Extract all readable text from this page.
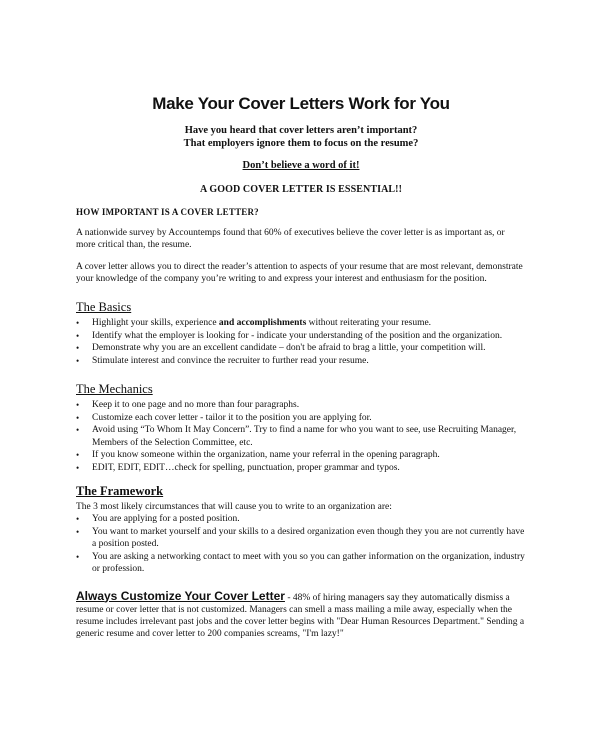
Make Your Cover Letters Work for You

Have you heard that cover letters aren’t important?

That employers ignore them to focus on the resume?

Don’t believe a word of it!

A GOOD COVER LETTER IS ESSENTIAL!!

HOW IMPORTANT IS A COVER LETTER?

A nationwide survey by Accountemps found that 60% of executives believe the cover letter is as important as, or more critical than, the resume.

A cover letter allows you to direct the reader’s attention to aspects of your resume that are most relevant, demonstrate your knowledge of the company you’re writing to and express your interest and enthusiasm for the position.

The Basics
• Highlight your skills, experience and accomplishments without reiterating your resume.
• Identify what the employer is looking for - indicate your understanding of the position and the organization.
• Demonstrate why you are an excellent candidate – don't be afraid to brag a little, your competition will.
• Stimulate interest and convince the recruiter to further read your resume.
The Mechanics
• Keep it to one page and no more than four paragraphs.
• Customize each cover letter - tailor it to the position you are applying for.
• Avoid using “To Whom It May Concern”. Try to find a name for who you want to see, use Recruiting Manager, Members of the Selection Committee, etc.
• If you know someone within the organization, name your referral in the opening paragraph.
• EDIT, EDIT, EDIT…check for spelling, punctuation, proper grammar and typos.
The Framework

The 3 most likely circumstances that will cause you to write to an organization are:

• You are applying for a posted position.
• You want to market yourself and your skills to a desired organization even though they you are not currently have a position posted.
• You are asking a networking contact to meet with you so you can gather information on the organization, industry or profession.

Always Customize Your Cover Letter - 48% of hiring managers say they automatically dismiss a resume or cover letter that is not customized. Managers can smell a mass mailing a mile away, especially when the resume includes irrelevant past jobs and the cover letter begins with "Dear Human Resources Department." Sending a generic resume and cover letter to 200 companies screams, "I'm lazy!"
